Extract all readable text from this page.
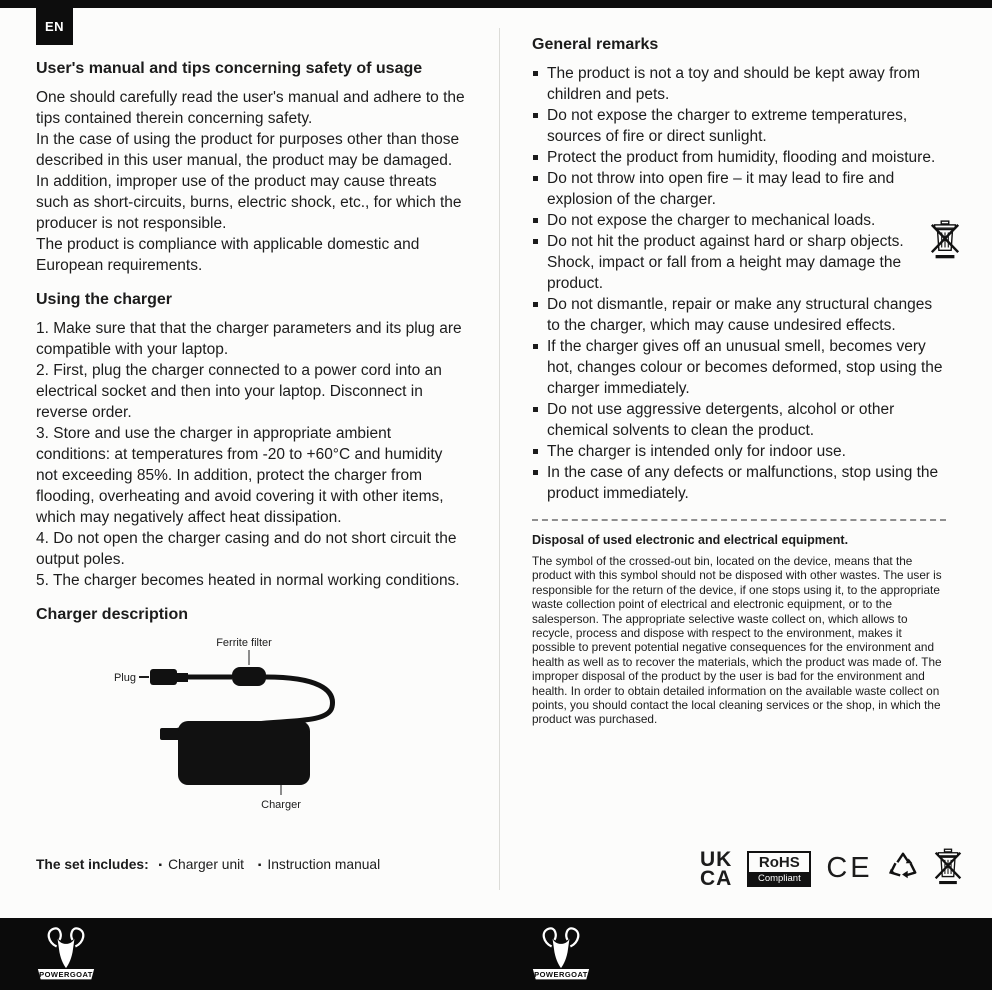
EN
User's manual and tips concerning safety of usage

One should carefully read the user's manual and adhere to the tips contained therein concerning safety.

In the case of using the product for purposes other than those described in this user manual, the product may be damaged. In addition, improper use of the product may cause threats such as short-circuits, burns, electric shock, etc., for which the producer is not responsible.

The product is compliance with applicable domestic and European requirements.

Using the charger

1. Make sure that that the charger parameters and its plug are compatible with your laptop.

2. First, plug the charger connected to a power cord into an electrical socket and then into your laptop. Disconnect in reverse order.

3. Store and use the charger in appropriate ambient conditions: at temperatures from -20 to +60°C and humidity not exceeding 85%. In addition, protect the charger from flooding, overheating and avoid covering it with other items, which may negatively affect heat dissipation.

4. Do not open the charger casing and do not short circuit the output poles.

5. The charger becomes heated in normal working conditions.

Charger description
Ferrite filter
Plug
Charger
General remarks
The product is not a toy and should be kept away from children and pets.
Do not expose the charger to extreme temperatures, sources of fire or direct sunlight.
Protect the product from humidity, flooding and moisture.
Do not throw into open fire – it may lead to fire and explosion of the charger.
Do not expose the charger to mechanical loads.
Do not hit the product against hard or sharp objects. Shock, impact or fall from a height may damage the product.
Do not dismantle, repair or make any structural changes to the charger, which may cause undesired effects.
If the charger gives off an unusual smell, becomes very hot, changes colour or becomes deformed, stop using the charger immediately.
Do not use aggressive detergents, alcohol or other chemical solvents to clean the product.
The charger is intended only for indoor use.
In the case of any defects or malfunctions, stop using the product immediately.
Disposal of used electronic and electrical equipment.

The symbol of the crossed-out bin, located on the device, means that the product with this symbol should not be disposed with other wastes. The user is responsible for the return of the device, if one stops using it, to the appropriate waste collection point of electrical and electronic equipment, or to the salesperson. The appropriate selective waste collect on, which allows to recycle, process and dispose with respect to the environment, makes it possible to prevent potential negative consequences for the environment and health as well as to recover the materials, which the product was made of. The improper disposal of the product by the user is bad for the environment and health. In order to obtain detailed information on the available waste collect on points, you should contact the local cleaning services or the shop, in which the product was purchased.

UK
CA
RoHS
Compliant CE
The set includes: ▪ Charger unit ▪ Instruction manual
POWERGOAT	POWERGOAT
